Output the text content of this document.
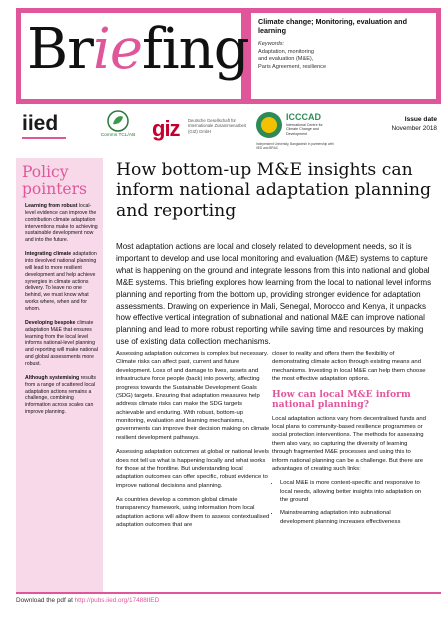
Briefing Climate change; Monitoring, evaluation and learning
Keywords:
Adaptation, monitoring
and evaluation (M&E),
Paris Agreement, resilience
iied
Comms TCL/AB giz Deutsche Gesellschaft für Internationale Zusammenarbeit (GIZ) GmbH
ICCCAD
International Centre for Climate Change and Development
Independent University, Bangladesh in partnership with IIED and BRAC
Issue date
November 2018
Policy
pointers
Learning from robust local-level evidence can improve the contribution climate adaptation interventions make to achieving sustainable development now and into the future.
Integrating climate adaptation into devolved national planning will lead to more resilient development and help achieve synergies in climate actions delivery. To leave no one behind, we must know what works where, when and for whom.
Developing bespoke climate adaptation M&E that ensures learning from the local level informs national-level planning and reporting will make national and global assessments more robust.
Although systemising results from a range of scattered local adaptation actions remains a challenge, combining information across scales can improve planning.
How bottom-up M&E insights can inform national adaptation planning and reporting
Most adaptation actions are local and closely related to development needs, so it is important to develop and use local monitoring and evaluation (M&E) systems to capture what is happening on the ground and integrate lessons from this into national and global M&E systems. This briefing explores how learning from the local to national level informs planning and reporting from the bottom up, providing stronger evidence for adaptation assessments. Drawing on experience in Mali, Senegal, Morocco and Kenya, it unpacks how effective vertical integration of subnational and national M&E can improve national planning and lead to more robust reporting while saving time and resources by making use of existing data collection mechanisms.

Assessing adaptation outcomes is complex but necessary. Climate risks can affect past, current and future development. Loss of and damage to lives, assets and infrastructure force people (back) into poverty, affecting progress towards the Sustainable Development Goals (SDG) targets. Ensuring that adaptation measures help address climate risks can make the SDG targets achievable and enduring. With robust, bottom-up monitoring, evaluation and learning mechanisms, governments can improve their decision making on climate resilient development pathways.

Assessing adaptation outcomes at global or national levels does not tell us what is happening locally and what works for those at the frontline. But understanding local adaptation outcomes can offer specific, robust evidence to improve national decisions and planning.

As countries develop a common global climate transparency framework, using information from local adaptation actions will allow them to assess contextualised adaptation outcomes that are

closer to reality and offers them the flexibility of demonstrating climate action through existing means and mechanisms. Investing in local M&E can help them choose the most effective adaptation options.

How can local M&E inform national planning?

Local adaptation actions vary from decentralised funds and local plans to community-based resilience programmes or social protection interventions. The methods for assessing them also vary, so capturing the diversity of learning through fragmented M&E processes and using this to inform national planning can be a challenge. But there are advantages of creating such links:

• Local M&E is more context-specific and responsive to local needs, allowing better insights into adaptation on the ground
• Mainstreaming adaptation into subnational development planning increases effectiveness
Download the pdf at http://pubs.iied.org/17488IIED
